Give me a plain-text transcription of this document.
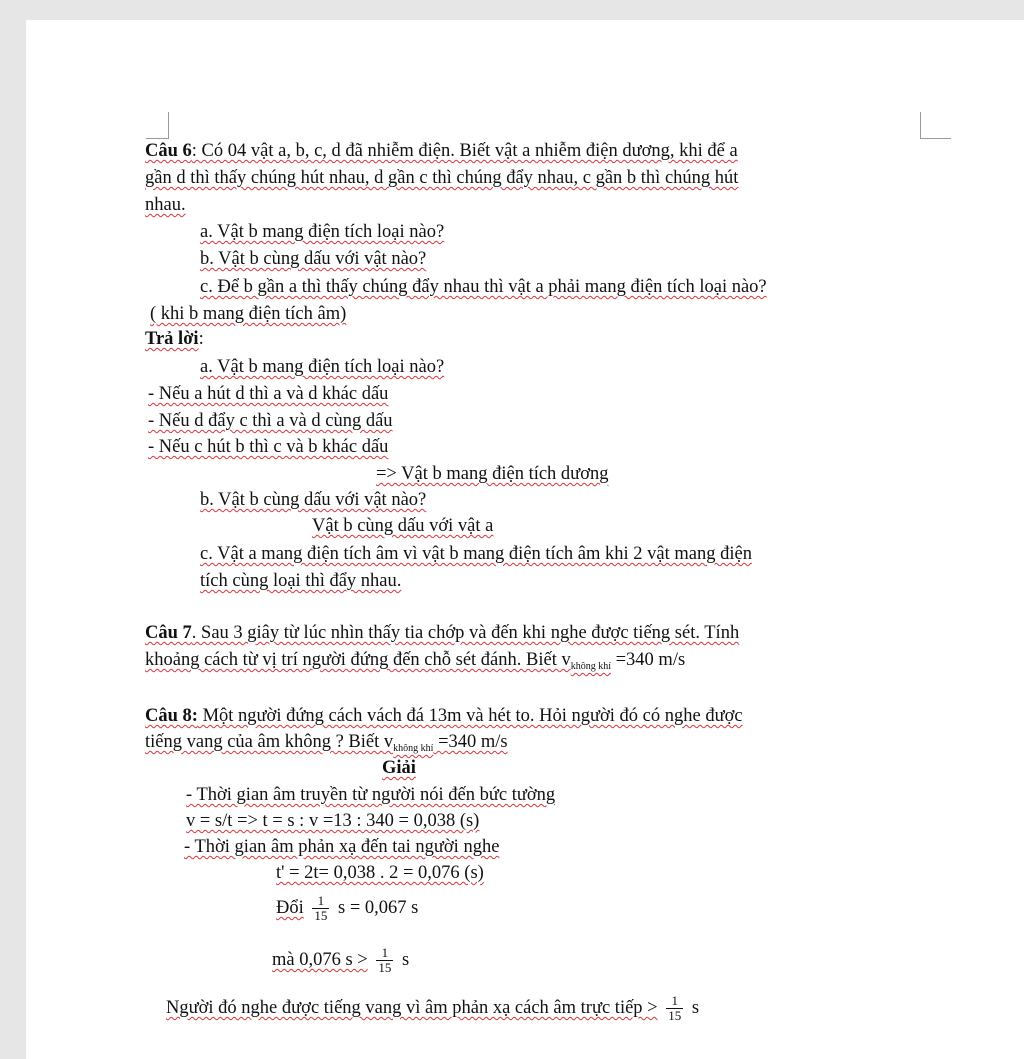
Câu 6: Có 04 vật a, b, c, d đã nhiễm điện. Biết vật a nhiễm điện dương, khi để a
gần d thì thấy chúng hút nhau, d gần c thì chúng đẩy nhau, c gần b thì chúng hút
nhau.
a. Vật b mang điện tích loại nào?
b. Vật b cùng dấu với vật nào?
c. Để b gần a thì thấy chúng đẩy nhau thì vật a phải mang điện tích loại nào?
( khi b mang điện tích âm)
Trả lời:
a. Vật b mang điện tích loại nào?
- Nếu a hút d thì a và d khác dấu
- Nếu d đẩy c thì a và d cùng dấu
- Nếu c hút b thì c và b khác dấu
=> Vật b mang điện tích dương
b. Vật b cùng dấu với vật nào?
Vật b cùng dấu với vật a
c. Vật a mang điện tích âm vì vật b mang điện tích âm khi 2 vật mang điện
tích cùng loại thì đẩy nhau.
Câu 7. Sau 3 giây từ lúc nhìn thấy tia chớp và đến khi nghe được tiếng sét. Tính
khoảng cách từ vị trí người đứng đến chỗ sét đánh. Biết $v_{không khí} =340$ m/s
Câu 8: Một người đứng cách vách đá 13m và hét to. Hỏi người đó có nghe được
tiếng vang của âm không ? Biết $v_{không khí} =340$ m/s
Giải
- Thời gian âm truyền từ người nói đến bức tường
v = s/t => t = s : v =13 : 340 = 0,038 (s)
- Thời gian âm phản xạ đến tai người nghe
t' = 2t= 0,038 . 2 = 0,076 (s)
Đổi $\frac{1}{15}$ s = 0,067 s
mà 0,076 $s > \frac{1}{15}$ s
Người đó nghe được tiếng vang vì âm phản xạ cách âm trực tiếp > $\frac{1}{15}$ s
